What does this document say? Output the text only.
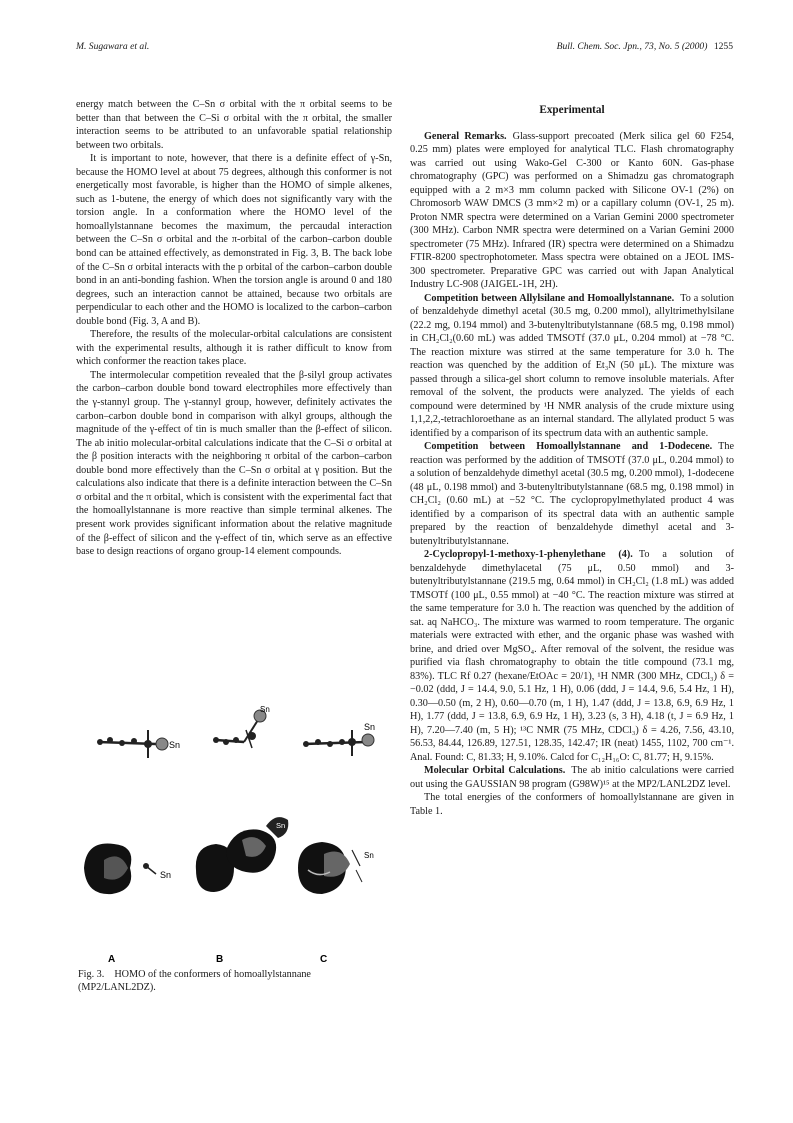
M. Sugawara et al.	Bull. Chem. Soc. Jpn., 73, No. 5 (2000) 1255

energy match between the C–Sn σ orbital with the π orbital seems to be better than that between the C–Si σ orbital with the π orbital, the smaller interaction seems to be attributed to an unfavorable spatial relationship between two orbitals.

It is important to note, however, that there is a definite effect of γ-Sn, because the HOMO level at about 75 degrees, although this conformer is not energetically most favorable, is higher than the HOMO of simple alkenes, such as 1-butene, the energy of which does not significantly vary with the torsion angle. In a conformation where the HOMO level of the homoallylstannane becomes the maximum, the percaudal interaction between the C–Sn σ orbital and the π-orbital of the carbon–carbon double bond can be attained effectively, as demonstrated in Fig. 3, B. The back lobe of the C–Sn σ orbital interacts with the p orbital of the carbon–carbon double bond in an anti-bonding fashion. When the torsion angle is around 0 and 180 degrees, such an interaction cannot be attained, because two orbitals are perpendicular to each other and the HOMO is localized to the carbon–carbon double bond (Fig. 3, A and B).

Therefore, the results of the molecular-orbital calculations are consistent with the experimental results, although it is rather difficult to know from which conformer the reaction takes place.

The intermolecular competition revealed that the β-silyl group activates the carbon–carbon double bond toward electrophiles more effectively than the γ-stannyl group. The γ-stannyl group, however, definitely activates the carbon–carbon double bond in comparison with alkyl groups, although the magnitude of the γ-effect of tin is much smaller than the β-effect of silicon. The ab initio molecular-orbital calculations indicate that the C–Si σ orbital at the β position interacts with the neighboring π orbital of the carbon–carbon double bond more effectively than the C–Sn σ orbital at γ position. But the calculations also indicate that there is a definite interaction between the C–Sn σ orbital and the π orbital, which is consistent with the experimental fact that the homoallylstannane is more reactive than simple terminal alkenes. The present work provides significant information about the relative magnitude of the β-effect of silicon and the γ-effect of tin, which serve as an effective base to design reactions of organo group-14 element compounds.

Sn
Sn
Sn
Sn
Sn
Sn
A	B	C
Fig. 3. HOMO of the conformers of homoallylstannane (MP2/LANL2DZ).
Experimental

General Remarks. Glass-support precoated (Merk silica gel 60 F254, 0.25 mm) plates were employed for analytical TLC. Flash chromatography was carried out using Wako-Gel C-300 or Kanto 60N. Gas-phase chromatography (GPC) was performed on a Shimadzu gas chromatograph equipped with a 2 m×3 mm column packed with Silicone OV-1 (2%) on Chromosorb WAW DMCS (3 mm×2 m) or a capillary column (OV-1, 25 m). Proton NMR spectra were determined on a Varian Gemini 2000 spectrometer (300 MHz). Carbon NMR spectra were determined on a Varian Gemini 2000 spectrometer (75 MHz). Infrared (IR) spectra were determined on a Shimadzu FTIR-8200 spectrophotometer. Mass spectra were obtained on a JEOL IMS-300 spectrometer. Preparative GPC was carried out with Japan Analytical Industry LC-908 (JAIGEL-1H, 2H).

Competition between Allylsilane and Homoallylstannane. To a solution of benzaldehyde dimethyl acetal (30.5 mg, 0.200 mmol), allyltrimethylsilane (22.2 mg, 0.194 mmol) and 3-butenyltributylstannane (68.5 mg, 0.198 mmol) in CH₂Cl₂(0.60 mL) was added TMSOTf (37.0 μL, 0.204 mmol) at −78 °C. The reaction mixture was stirred at the same temperature for 3.0 h. The reaction was quenched by the addition of Et₃N (50 μL). The mixture was passed through a silica-gel short column to remove insoluble materials. After removal of the solvent, the products were analyzed. The yields of each compound were determined by ¹H NMR analysis of the crude mixture using 1,1,2,2,-tetrachloroethane as an internal standard. The allylated product 5 was identified by a comparison of its spectrum data with an authentic sample.

Competition between Homoallylstannane and 1-Dodecene. The reaction was performed by the addition of TMSOTf (37.0 μL, 0.204 mmol) to a solution of benzaldehyde dimethyl acetal (30.5 mg, 0.200 mmol), 1-dodecene (48 μL, 0.198 mmol) and 3-butenyltributylstannane (68.5 mg, 0.198 mmol) in CH₂Cl₂ (0.60 mL) at −52 °C. The cyclopropylmethylated product 4 was identified by a comparison of its spectral data with an authentic sample prepared by the reaction of benzaldehyde dimethyl acetal and 3-butenyltributylstannane.

2-Cyclopropyl-1-methoxy-1-phenylethane (4). To a solution of benzaldehyde dimethylacetal (75 μL, 0.50 mmol) and 3-butenyltributylstannane (219.5 mg, 0.64 mmol) in CH₂Cl₂ (1.8 mL) was added TMSOTf (100 μL, 0.55 mmol) at −40 °C. The reaction mixture was stirred at the same temperature for 3.0 h. The reaction was quenched by the addition of sat. aq NaHCO₃. The mixture was warmed to room temperature. The organic materials were extracted with ether, and the organic phase was washed with brine, and dried over MgSO₄. After removal of the solvent, the residue was purified via flash chromatography to obtain the title compound (73.1 mg, 83%). TLC Rf 0.27 (hexane/EtOAc = 20/1), ¹H NMR (300 MHz, CDCl₃) δ = −0.02 (ddd, J = 14.4, 9.0, 5.1 Hz, 1 H), 0.06 (ddd, J = 14.4, 9.6, 5.4 Hz, 1 H), 0.30—0.50 (m, 2 H), 0.60—0.70 (m, 1 H), 1.47 (ddd, J = 13.8, 6.9, 6.9 Hz, 1 H), 1.77 (ddd, J = 13.8, 6.9, 6.9 Hz, 1 H), 3.23 (s, 3 H), 4.18 (t, J = 6.9 Hz, 1 H), 7.20—7.40 (m, 5 H); ¹³C NMR (75 MHz, CDCl₃) δ = 4.26, 7.56, 43.10, 56.53, 84.44, 126.89, 127.51, 128.35, 142.47; IR (neat) 1455, 1102, 700 cm⁻¹. Anal. Found: C, 81.33; H, 9.10%. Calcd for C₁₂H₁₆O: C, 81.77; H, 9.15%.

Molecular Orbital Calculations. The ab initio calculations were carried out using the GAUSSIAN 98 program (G98W)¹⁵ at the MP2/LANL2DZ level.

The total energies of the conformers of homoallylstannane are given in Table 1.
